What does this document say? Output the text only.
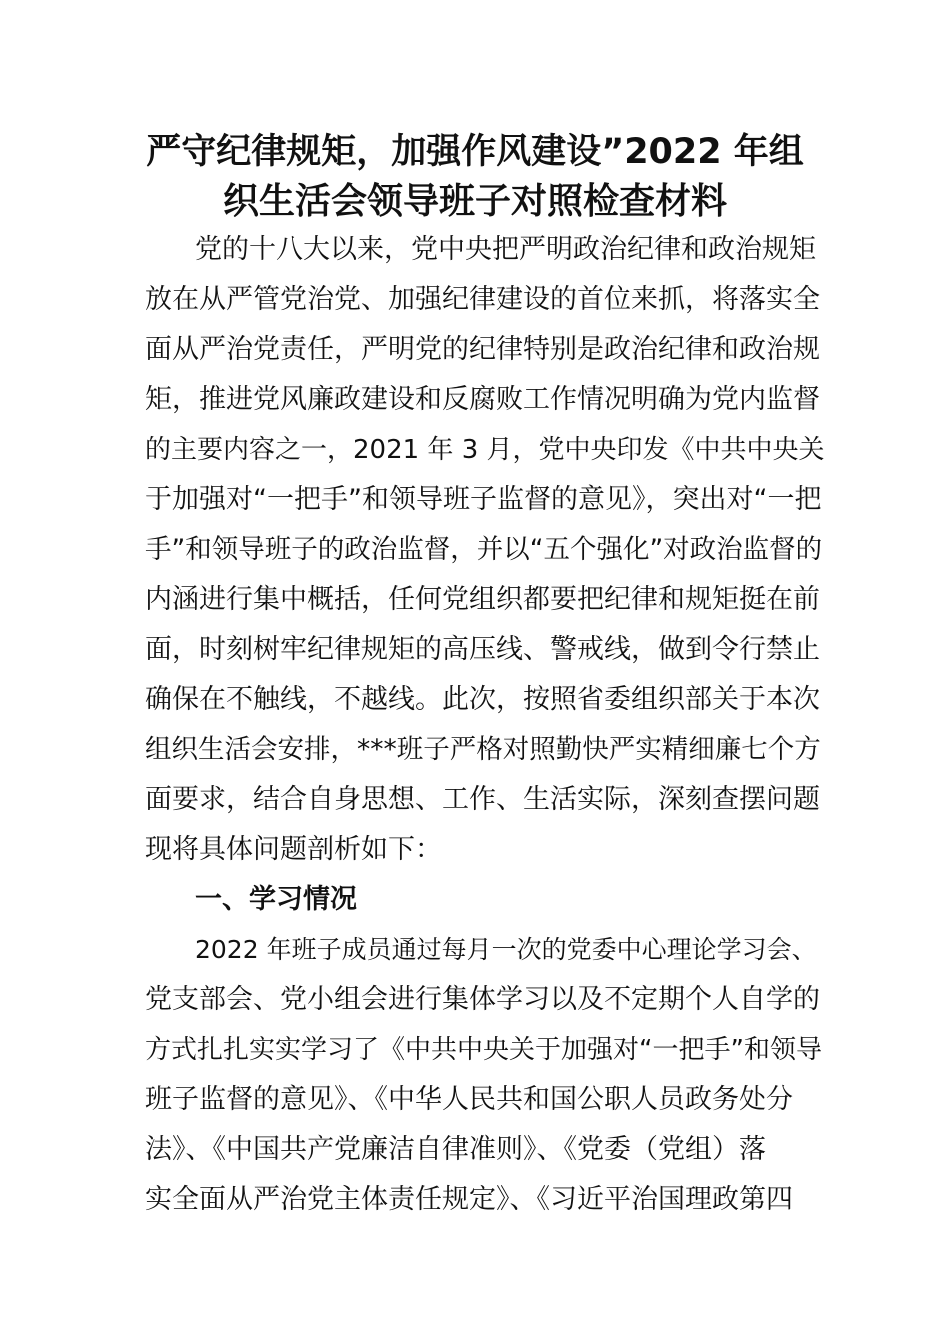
严守纪律规矩，加强作风建设”2022 年组
织生活会领导班子对照检查材料
党的十八大以来，党中央把严明政治纪律和政治规矩
放在从严管党治党、加强纪律建设的首位来抓，将落实全
面从严治党责任，严明党的纪律特别是政治纪律和政治规
矩，推进党风廉政建设和反腐败工作情况明确为党内监督
的主要内容之一，2021 年 3 月，党中央印发《中共中央关
于加强对“一把手”和领导班子监督的意见》，突出对“一把
手”和领导班子的政治监督，并以“五个强化”对政治监督的
内涵进行集中概括，任何党组织都要把纪律和规矩挺在前
面，时刻树牢纪律规矩的高压线、警戒线，做到令行禁止
确保在不触线，不越线。此次，按照省委组织部关于本次
组织生活会安排，***班子严格对照勤快严实精细廉七个方
面要求，结合自身思想、工作、生活实际，深刻查摆问题
现将具体问题剖析如下：
一、学习情况
2022 年班子成员通过每月一次的党委中心理论学习会、
党支部会、党小组会进行集体学习以及不定期个人自学的
方式扎扎实实学习了《中共中央关于加强对“一把手”和领导
班子监督的意见》、《中华人民共和国公职人员政务处分
法》、《中国共产党廉洁自律准则》、《党委（党组）落
实全面从严治党主体责任规定》、《习近平治国理政第四
